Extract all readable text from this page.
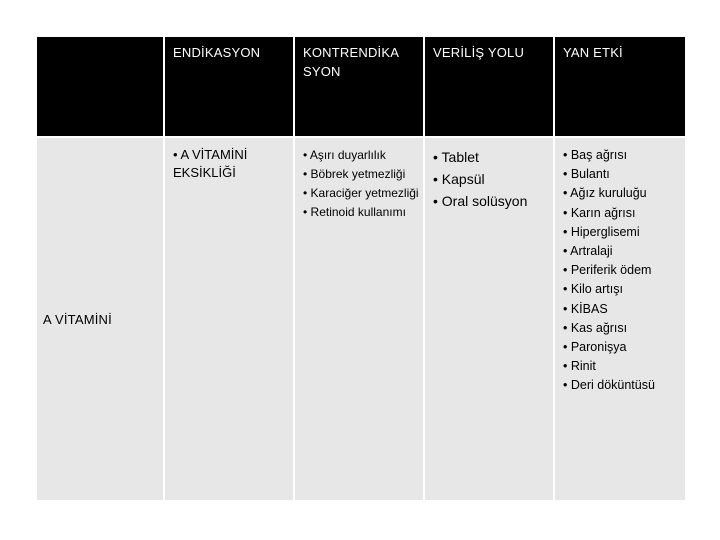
ENDİKASYON	KONTRENDİKA SYON
VERİLİŞ YOLU	YAN ETKİ
A VİTAMİNİ
• A VİTAMİNİ EKSİKLİĞİ
• Aşırı duyarlılık
• Böbrek yetmezliği
• Karaciğer yetmezliği
• Retinoid kullanımı
• Tablet
• Kapsül
• Oral solüsyon
• Baş ağrısı
• Bulantı
• Ağız kuruluğu
• Karın ağrısı
• Hiperglisemi
• Artralaji
• Periferik ödem
• Kilo artışı
• KİBAS
• Kas ağrısı
• Paronişya
• Rinit
• Deri döküntüsü
